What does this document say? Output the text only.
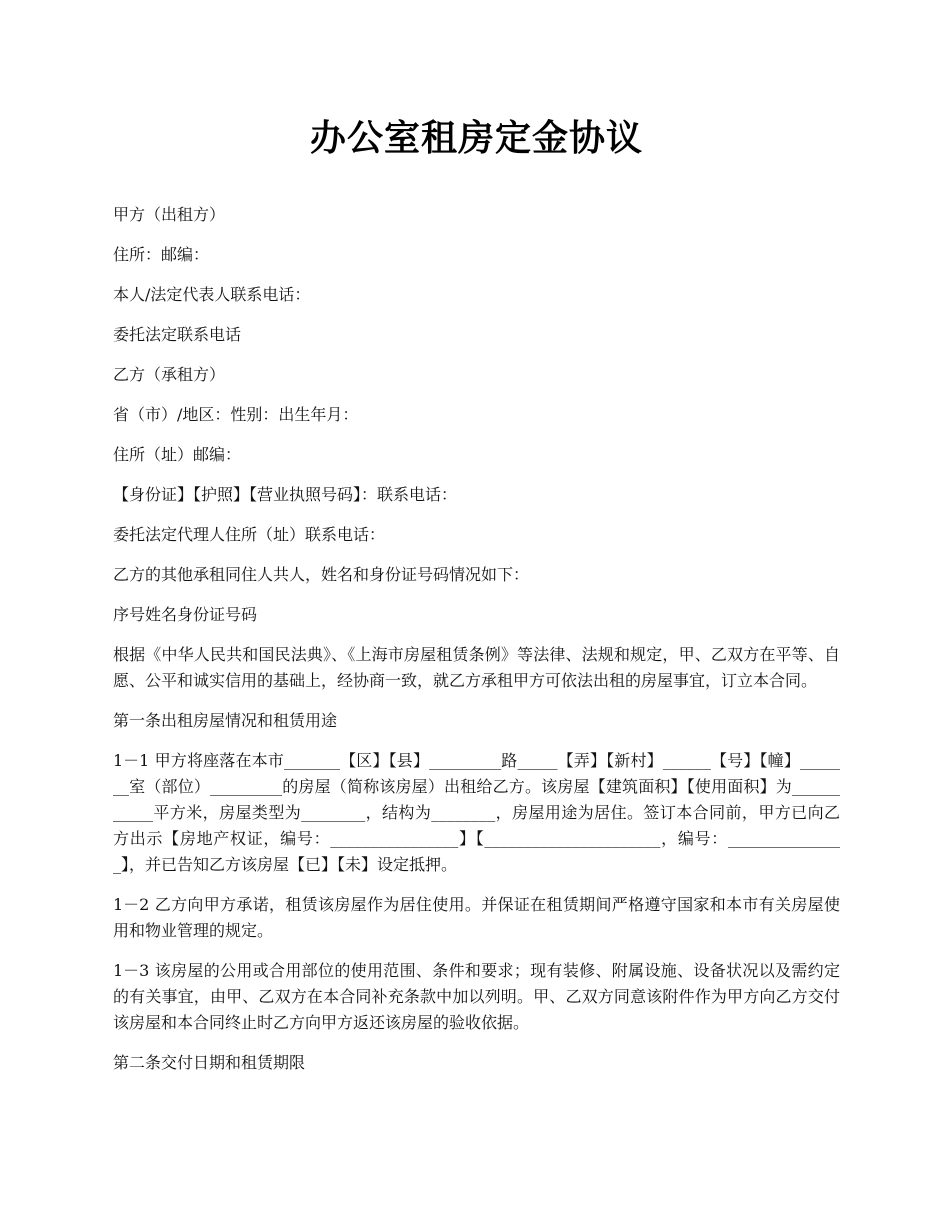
办公室租房定金协议

甲方（出租方）

住所：邮编：

本人/法定代表人联系电话：

委托法定联系电话

乙方（承租方）

省（市）/地区：性别：出生年月：

住所（址）邮编：

【身份证】【护照】【营业执照号码】：联系电话：

委托法定代理人住所（址）联系电话：

乙方的其他承租同住人共人，姓名和身份证号码情况如下：

序号姓名身份证号码

根据《中华人民共和国民法典》、《上海市房屋租赁条例》等法律、法规和规定，甲、乙双方在平等、自愿、公平和诚实信用的基础上，经协商一致，就乙方承租甲方可依法出租的房屋事宜，订立本合同。

第一条出租房屋情况和租赁用途

1－1 甲方将座落在本市_______【区】【县】_________路_____【弄】【新村】______【号】【幢】_______室（部位）_________的房屋（简称该房屋）出租给乙方。该房屋【建筑面积】【使用面积】为___________平方米，房屋类型为________，结构为________，房屋用途为居住。签订本合同前，甲方已向乙方出示【房地产权证，编号：________________】【______________________，编号：_______________】，并已告知乙方该房屋【已】【未】设定抵押。

1－2 乙方向甲方承诺，租赁该房屋作为居住使用。并保证在租赁期间严格遵守国家和本市有关房屋使用和物业管理的规定。

1－3 该房屋的公用或合用部位的使用范围、条件和要求；现有装修、附属设施、设备状况以及需约定的有关事宜，由甲、乙双方在本合同补充条款中加以列明。甲、乙双方同意该附件作为甲方向乙方交付该房屋和本合同终止时乙方向甲方返还该房屋的验收依据。

第二条交付日期和租赁期限
